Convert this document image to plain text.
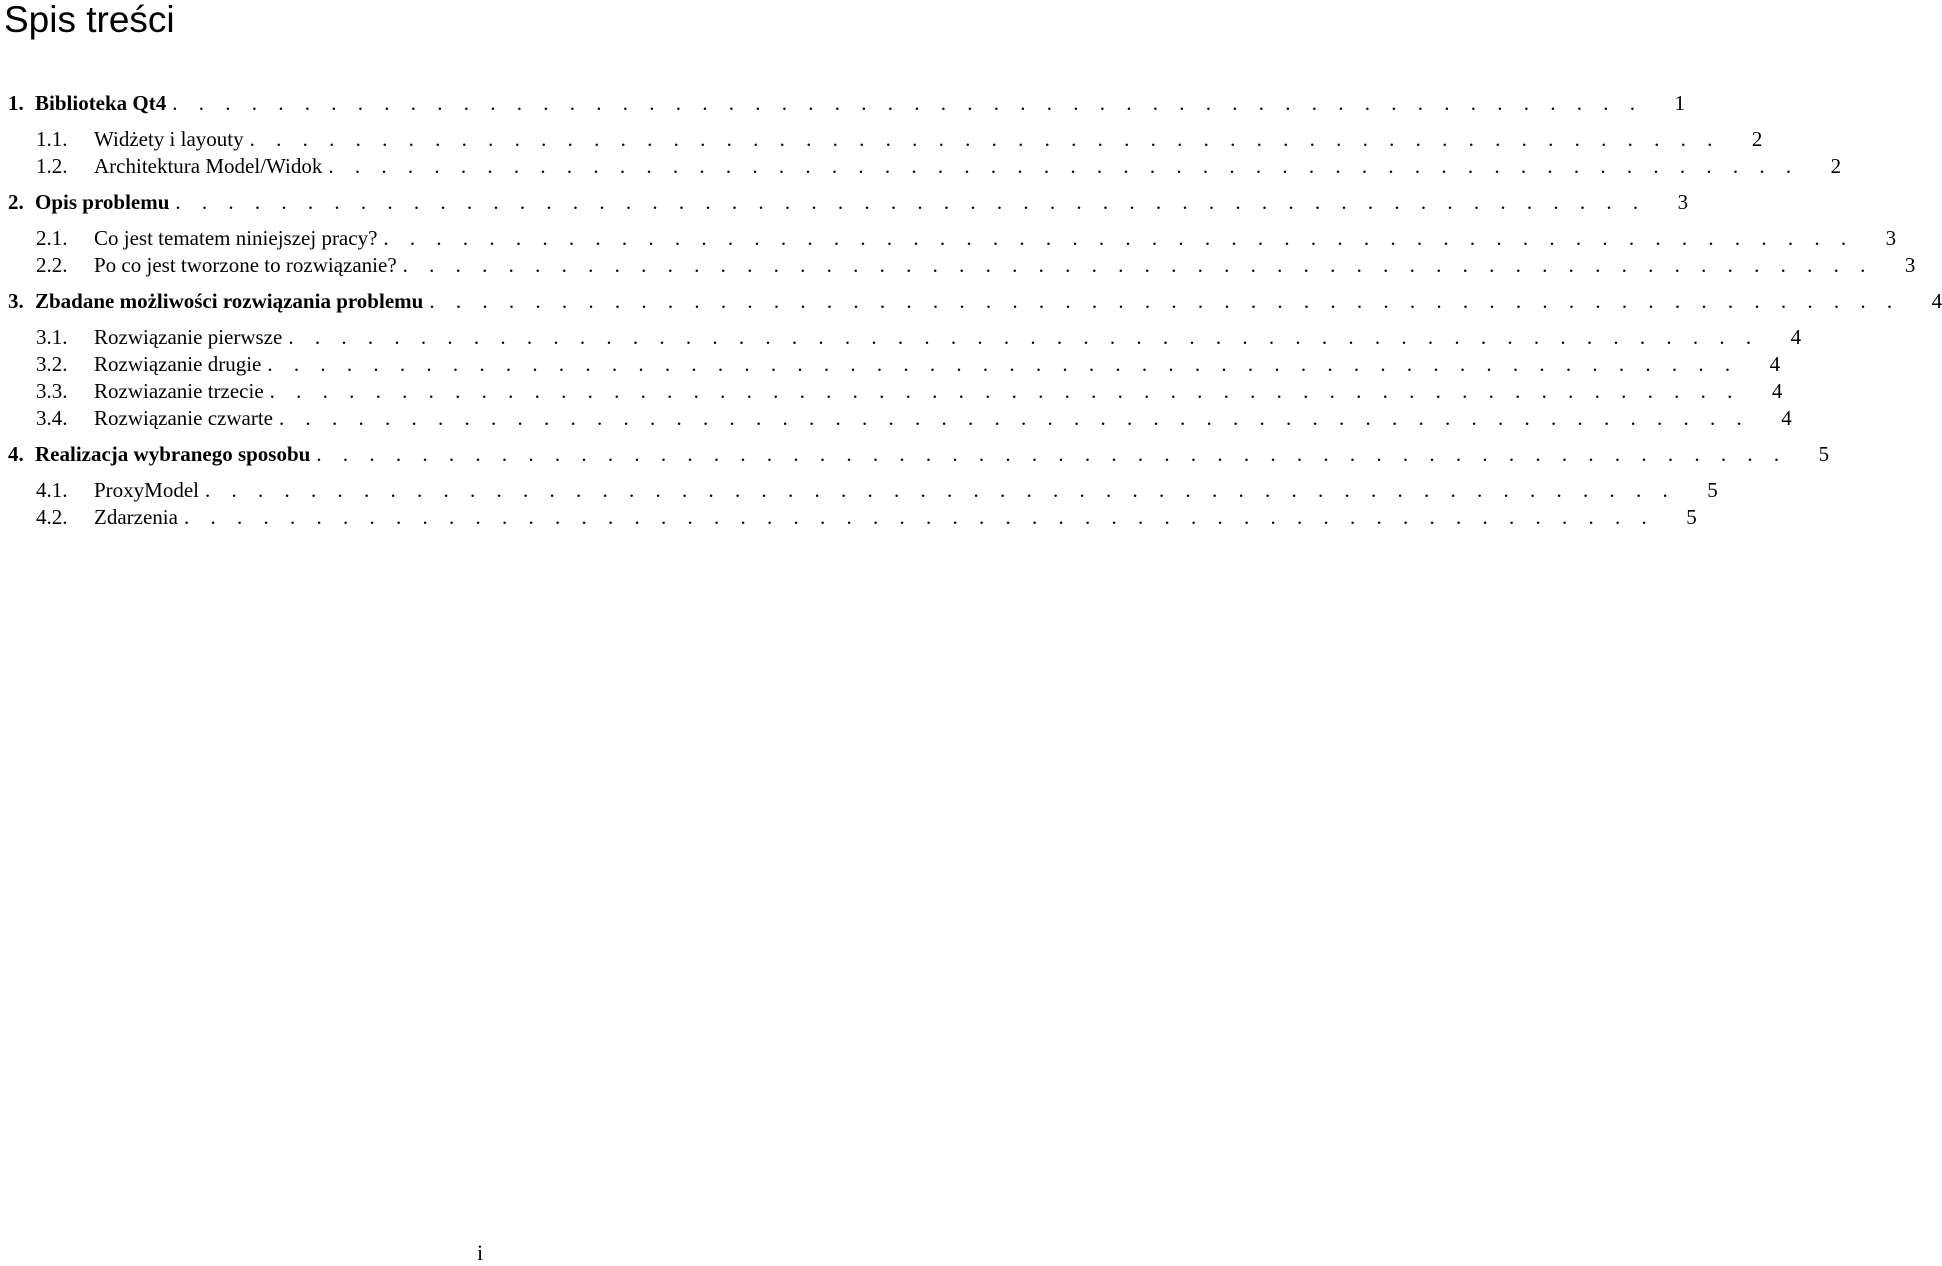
Spis treści
1. Biblioteka Qt4 . . . . . . . . . . . . . . . . . . . . . . . . . . . . . . . . . . . . . . . . . . . . . . . . . . . . . . . .	1
1.1.	Widżety i layouty . . . . . . . . . . . . . . . . . . . . . . . . . . . . . . . . . . . . . . . . . . . . . . . . . . . . . . . .	2
1.2.	Architektura Model/Widok . . . . . . . . . . . . . . . . . . . . . . . . . . . . . . . . . . . . . . . . . . . . . . . . . . . . . . . .	2
2. Opis problemu . . . . . . . . . . . . . . . . . . . . . . . . . . . . . . . . . . . . . . . . . . . . . . . . . . . . . . . .	3
2.1.	Co jest tematem niniejszej pracy? . . . . . . . . . . . . . . . . . . . . . . . . . . . . . . . . . . . . . . . . . . . . . . . . . . . . . . . .	3
2.2.	Po co jest tworzone to rozwiązanie? . . . . . . . . . . . . . . . . . . . . . . . . . . . . . . . . . . . . . . . . . . . . . . . . . . . . . . . .	3
3. Zbadane możliwości rozwiązania problemu . . . . . . . . . . . . . . . . . . . . . . . . . . . . . . . . . . . . . . . . . . . . . . . . . . . . . . . .	4
3.1.	Rozwiązanie pierwsze . . . . . . . . . . . . . . . . . . . . . . . . . . . . . . . . . . . . . . . . . . . . . . . . . . . . . . . .	4
3.2.	Rozwiązanie drugie . . . . . . . . . . . . . . . . . . . . . . . . . . . . . . . . . . . . . . . . . . . . . . . . . . . . . . . .	4
3.3.	Rozwiazanie trzecie . . . . . . . . . . . . . . . . . . . . . . . . . . . . . . . . . . . . . . . . . . . . . . . . . . . . . . . .	4
3.4.	Rozwiązanie czwarte . . . . . . . . . . . . . . . . . . . . . . . . . . . . . . . . . . . . . . . . . . . . . . . . . . . . . . . .	4
4. Realizacja wybranego sposobu . . . . . . . . . . . . . . . . . . . . . . . . . . . . . . . . . . . . . . . . . . . . . . . . . . . . . . . .	5
4.1.	ProxyModel . . . . . . . . . . . . . . . . . . . . . . . . . . . . . . . . . . . . . . . . . . . . . . . . . . . . . . . .	5
4.2.	Zdarzenia . . . . . . . . . . . . . . . . . . . . . . . . . . . . . . . . . . . . . . . . . . . . . . . . . . . . . . . .	5
i
